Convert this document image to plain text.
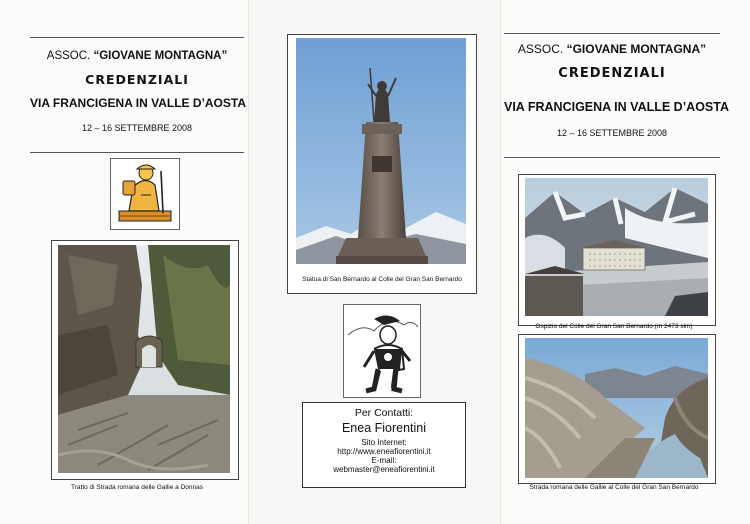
ASSOC. “GIOVANE MONTAGNA”
CREDENZIALI
VIA FRANCIGENA IN VALLE D’AOSTA
12 – 16 SETTEMBRE 2008
Tratto di Strada romana delle Gallie a Donnas
Statua di San Bernardo al Colle del Gran San Bernardo
Per Contatti:
Enea Fiorentini
Sito Internet:
http://www.eneafiorentini.it
E-mail:
webmaster@eneafiorentini.it
ASSOC. “GIOVANE MONTAGNA”
CREDENZIALI
VIA FRANCIGENA IN VALLE D’AOSTA
12 – 16 SETTEMBRE 2008
Ospizio del Colle del Gran San Bernardo (m 2473 slm)
Strada romana delle Gallie al Colle del Gran San Bernardo
